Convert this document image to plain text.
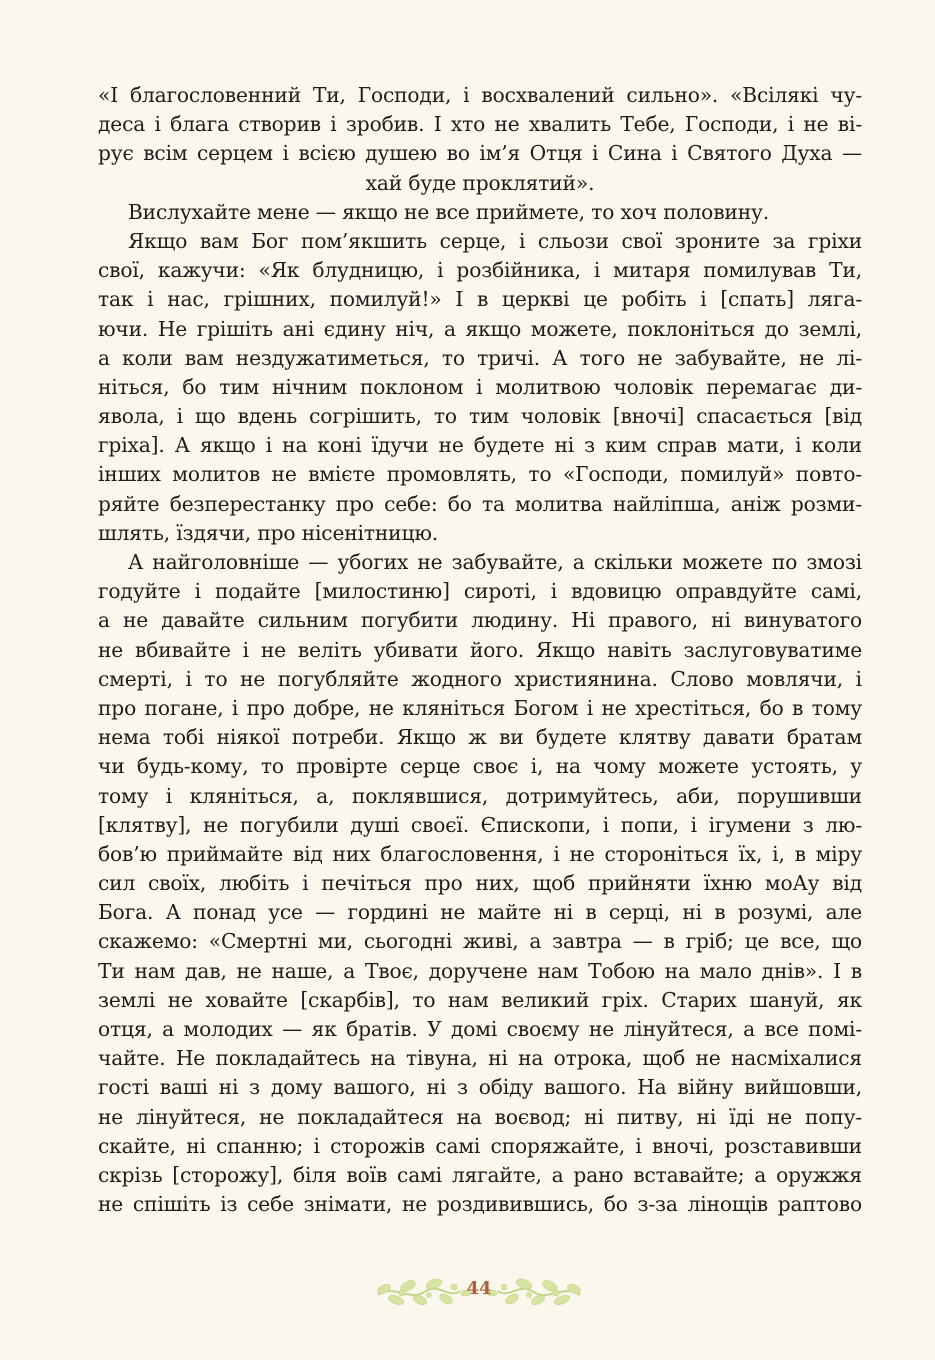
«І благословенний Ти, Господи, і восхвалений сильно». «Всілякі чу-
деса і блага створив і зробив. І хто не хвалить Тебе, Господи, і не ві-
рує всім серцем і всією душею во ім’я Отця і Сина і Святого Духа —
хай буде проклятий».
Вислухайте мене — якщо не все приймете, то хоч половину.
Якщо вам Бог пом’якшить серце, і сльози свої зроните за гріхи
свої, кажучи: «Як блудницю, і розбійника, і митаря помилував Ти,
так і нас, грішних, помилуй!» І в церкві це робіть і [спать] ляга-
ючи. Не грішіть ані єдину ніч, а якщо можете, поклоніться до землі,
а коли вам нездужатиметься, то тричі. А того не забувайте, не лі-
ніться, бо тим нічним поклоном і молитвою чоловік перемагає ди-
явола, і що вдень согрішить, то тим чоловік [вночі] спасається [від
гріха]. А якщо і на коні їдучи не будете ні з ким справ мати, і коли
інших молитов не вмієте промовлять, то «Господи, помилуй» повто-
ряйте безперестанку про себе: бо та молитва найліпша, аніж розми-
шлять, їздячи, про нісенітницю.
А найголовніше — убогих не забувайте, а скільки можете по змозі
годуйте і подайте [милостиню] сироті, і вдовицю оправдуйте самі,
а не давайте сильним погубити людину. Ні правого, ні винуватого
не вбивайте і не веліть убивати його. Якщо навіть заслуговуватиме
смерті, і то не погубляйте жодного християнина. Слово мовлячи, і
про погане, і про добре, не кляніться Богом і не хрестіться, бо в тому
нема тобі ніякої потреби. Якщо ж ви будете клятву давати братам
чи будь-кому, то провірте серце своє і, на чому можете устоять, у
тому і кляніться, а, поклявшися, дотримуйтесь, аби, порушивши
[клятву], не погубили душі своєї. Єпископи, і попи, і ігумени з лю-
бов’ю приймайте від них благословення, і не сторонiться їх, і, в міру
сил своїх, любіть і печіться про них, щоб прийняти їхню моАу від
Бога. А понад усе — гордині не майте ні в серці, ні в розумі, але
скажемо: «Смертні ми, сьогодні живі, а завтра — в гріб; це все, що
Ти нам дав, не наше, а Твоє, доручене нам Тобою на мало днів». І в
землі не ховайте [скарбів], то нам великий гріх. Старих шануй, як
отця, а молодих — як братів. У домі своєму не лінуйтеся, а все помі-
чайте. Не покладайтесь на тівуна, ні на отрока, щоб не насміхалися
гості ваші ні з дому вашого, ні з обіду вашого. На війну вийшовши,
не лінуйтеся, не покладайтеся на воєвод; ні питву, ні їді не попу-
скайте, ні спанню; і сторожів самі споряжайте, і вночі, розставивши
скрізь [сторожу], біля воїв самі лягайте, а рано вставайте; а оружжя
не спішіть із себе знімати, не роздивившись, бо з-за лінощів раптово
44
